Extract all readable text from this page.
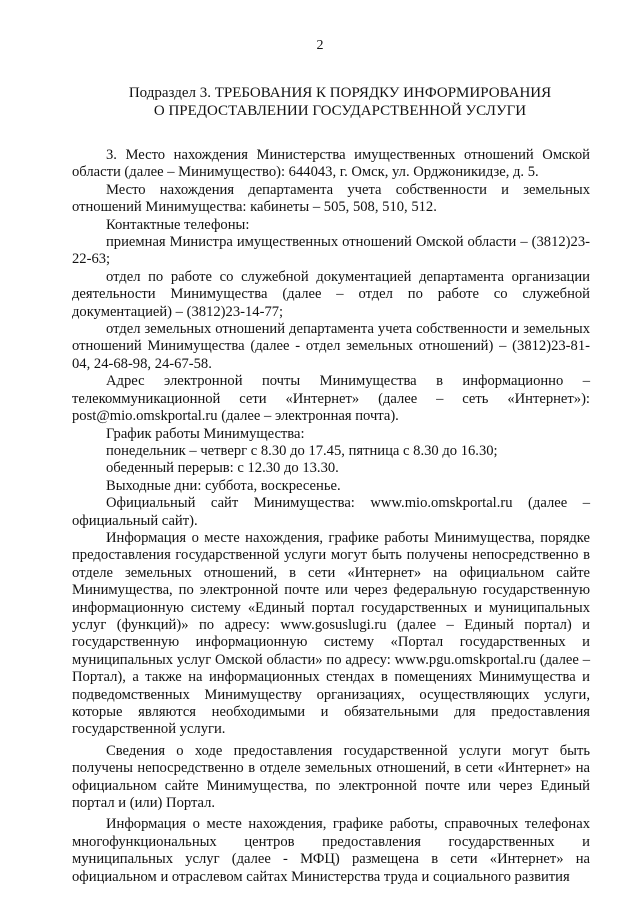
2
Подраздел 3. ТРЕБОВАНИЯ К ПОРЯДКУ ИНФОРМИРОВАНИЯ
О ПРЕДОСТАВЛЕНИИ ГОСУДАРСТВЕННОЙ УСЛУГИ

3. Место нахождения Министерства имущественных отношений Омской области (далее – Минимущество): 644043, г. Омск, ул. Орджоникидзе, д. 5.

Место нахождения департамента учета собственности и земельных отношений Минимущества: кабинеты – 505, 508, 510, 512.

Контактные телефоны:

приемная Министра имущественных отношений Омской области – (3812)23-22-63;

отдел по работе со служебной документацией департамента организации деятельности Минимущества (далее – отдел по работе со служебной документацией) – (3812)23-14-77;

отдел земельных отношений департамента учета собственности и земельных отношений Минимущества (далее - отдел земельных отношений) – (3812)23-81-04, 24-68-98, 24-67-58.

Адрес электронной почты Минимущества в информационно – телекоммуникационной сети «Интернет» (далее – сеть «Интернет»): post@mio.omskportal.ru (далее – электронная почта).

График работы Минимущества:

понедельник – четверг с 8.30 до 17.45, пятница с 8.30 до 16.30;

обеденный перерыв: с 12.30 до 13.30.

Выходные дни: суббота, воскресенье.

Официальный сайт Минимущества: www.mio.omskportal.ru (далее – официальный сайт).

Информация о месте нахождения, графике работы Минимущества, порядке предоставления государственной услуги могут быть получены непосредственно в отделе земельных отношений, в сети «Интернет» на официальном сайте Минимущества, по электронной почте или через федеральную государственную информационную систему «Единый портал государственных и муниципальных услуг (функций)» по адресу: www.gosuslugi.ru (далее – Единый портал) и государственную информационную систему «Портал государственных и муниципальных услуг Омской области» по адресу: www.pgu.omskportal.ru (далее – Портал), а также на информационных стендах в помещениях Минимущества и подведомственных Минимуществу организациях, осуществляющих услуги, которые являются необходимыми и обязательными для предоставления государственной услуги.

Сведения о ходе предоставления государственной услуги могут быть получены непосредственно в отделе земельных отношений, в сети «Интернет» на официальном сайте Минимущества, по электронной почте или через Единый портал и (или) Портал.

Информация о месте нахождения, графике работы, справочных телефонах многофункциональных центров предоставления государственных и муниципальных услуг (далее - МФЦ) размещена в сети «Интернет» на официальном и отраслевом сайтах Министерства труда и социального развития
